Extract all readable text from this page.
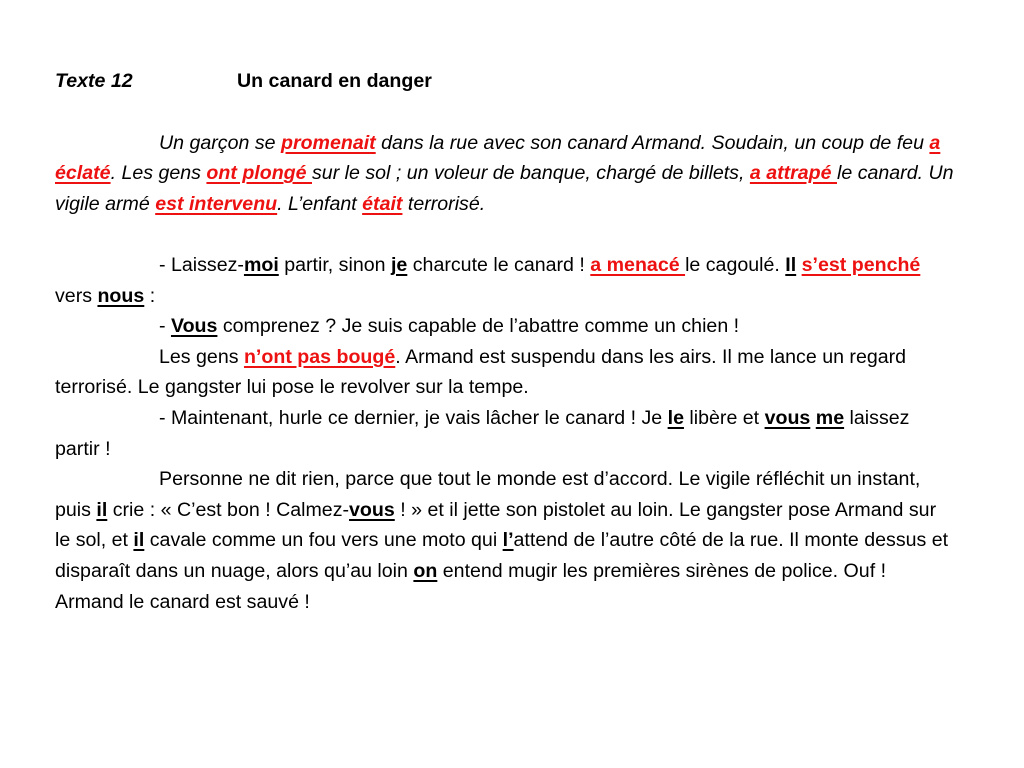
Texte 12	Un canard en danger

Un garçon se promenait dans la rue avec son canard Armand. Soudain, un coup de feu a éclaté. Les gens ont plongé sur le sol ; un voleur de banque, chargé de billets, a attrapé le canard. Un vigile armé est intervenu. L’enfant était terrorisé.

- Laissez-moi partir, sinon je charcute le canard ! a menacé le cagoulé. Il s’est penché vers nous :

- Vous comprenez ? Je suis capable de l’abattre comme un chien !

Les gens n’ont pas bougé. Armand est suspendu dans les airs. Il me lance un regard terrorisé. Le gangster lui pose le revolver sur la tempe.

- Maintenant, hurle ce dernier, je vais lâcher le canard ! Je le libère et vous me laissez partir !

Personne ne dit rien, parce que tout le monde est d’accord. Le vigile réfléchit un instant, puis il crie : « C’est bon ! Calmez-vous ! » et il jette son pistolet au loin. Le gangster pose Armand sur le sol, et il cavale comme un fou vers une moto qui l’attend de l’autre côté de la rue. Il monte dessus et disparaît dans un nuage, alors qu’au loin on entend mugir les premières sirènes de police. Ouf ! Armand le canard est sauvé !
